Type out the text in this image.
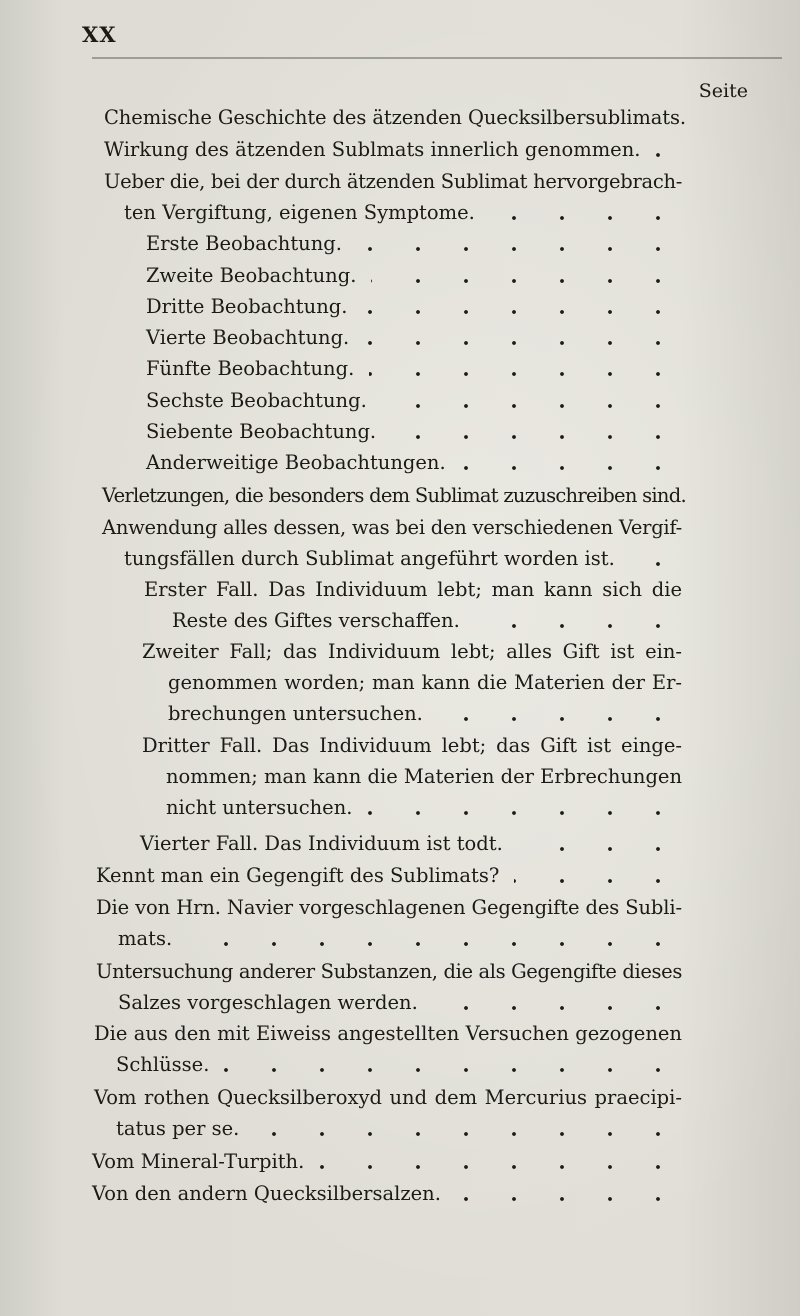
XX
Seite
Chemische Geschichte des ätzenden Quecksilbersublimats.
Wirkung des ätzenden Sublmats innerlich genommen.
Ueber die, bei der durch ätzenden Sublimat hervorgebrach-
ten Vergiftung, eigenen Symptome.
Erste Beobachtung.
Zweite Beobachtung.
Dritte Beobachtung.
Vierte Beobachtung.
Fünfte Beobachtung.
Sechste Beobachtung.
Siebente Beobachtung.
Anderweitige Beobachtungen.
Verletzungen, die besonders dem Sublimat zuzuschreiben sind.
Anwendung alles dessen, was bei den verschiedenen Vergif-
tungsfällen durch Sublimat angeführt worden ist.
Erster Fall. Das Individuum lebt; man kann sich die
Reste des Giftes verschaffen.
Zweiter Fall; das Individuum lebt; alles Gift ist ein-
genommen worden; man kann die Materien der Er-
brechungen untersuchen.
Dritter Fall. Das Individuum lebt; das Gift ist einge-
nommen; man kann die Materien der Erbrechungen
nicht untersuchen.
Vierter Fall. Das Individuum ist todt.
Kennt man ein Gegengift des Sublimats?
Die von Hrn. Navier vorgeschlagenen Gegengifte des Subli-
mats.
Untersuchung anderer Substanzen, die als Gegengifte dieses
Salzes vorgeschlagen werden.
Die aus den mit Eiweiss angestellten Versuchen gezogenen
Schlüsse.
Vom rothen Quecksilberoxyd und dem Mercurius praecipi-
tatus per se.
Vom Mineral-Turpith.
Von den andern Quecksilbersalzen.
